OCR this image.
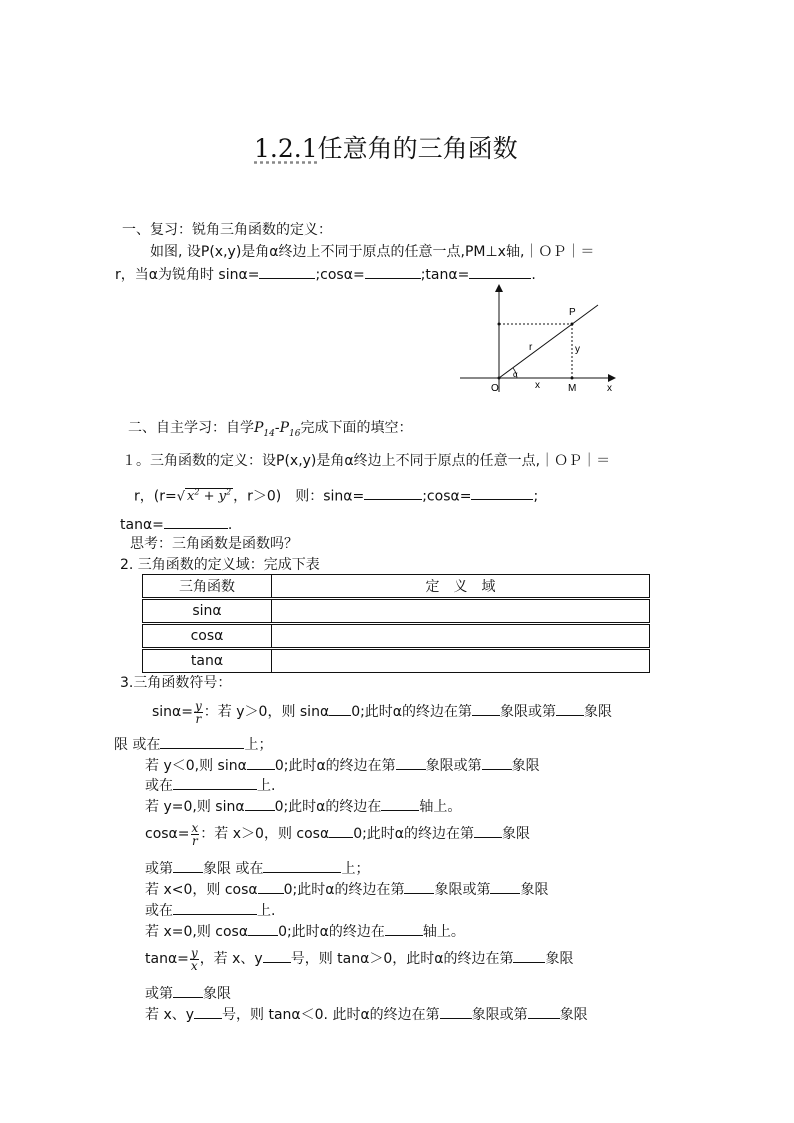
1.2.1任意角的三角函数
一、复习：锐角三角函数的定义：
如图, 设P(x,y)是角α终边上不同于原点的任意一点,PM⊥x轴,｜ＯＰ｜＝
r，当α为锐角时 sinα=	;cosα=	;tanα=	.
P
O	M	x
x
y
r
α
二、自主学习：自学$P_{14}-P_{16}$完成下面的填空：
１。三角函数的定义：设P(x,y)是角α终边上不同于原点的任意一点,｜ＯＰ｜＝
r，(r=√ $x^2 + y^2$ ，r＞0)　则：sinα=	;cosα=	;
tanα=	.
思考：三角函数是函数吗？
2. 三角函数的定义域：完成下表
三角函数	定　义　域
sinα	
cosα	
tanα	
3.三角函数符号：
$\sin\alpha= \frac{y}{r}$ ：若 y＞0，则 sinα 0;此时α的终边在第 象限或第 象限
限 或在	上；
若 y＜0,则 sinα 0;此时α的终边在第 象限或第 象限
或在	上.
若 y=0,则 sinα 0;此时α的终边在	轴上。
$\cos\alpha= \frac{x}{r}$ ：若 x＞0，则 cosα 0;此时α的终边在第 象限
或第 象限 或在	上；
若 x<0，则 cosα 0;此时α的终边在第 象限或第 象限
或在	上.
若 x=0,则 cosα 0;此时α的终边在	轴上。
$\tan\alpha= \frac{y}{x}$ ，若 x、y 号，则 tanα＞0，此时α的终边在第 象限
或第 象限
若 x、y 号，则 tanα＜0. 此时α的终边在第 象限或第 象限
